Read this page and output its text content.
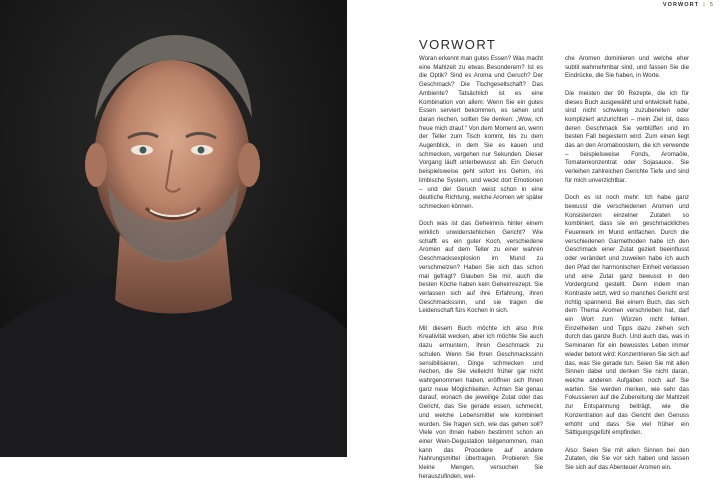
VORWORT | 5
VORWORT

Woran erkennt man gutes Essen? Was macht eine Mahlzeit zu etwas Besonderem? Ist es die Optik? Sind es Aroma und Geruch? Der Geschmack? Die Tischgesellschaft? Das Ambiente? Tatsächlich ist es eine Kombination von allem: Wenn Sie ein gutes Essen serviert bekommen, es sehen und daran riechen, sollten Sie denken: „Wow, ich freue mich drauf.“ Von dem Moment an, wenn der Teller zum Tisch kommt, bis zu dem Augenblick, in dem Sie es kauen und schmecken, vergehen nur Sekunden. Dieser Vorgang läuft unterbewusst ab. Ein Geruch beispielsweise geht sofort ins Gehirn, ins limbische System, und weckt dort Emotionen – und der Geruch weist schon in eine deutliche Richtung, welche Aromen wir später schmecken können.

Doch was ist das Geheimnis hinter einem wirklich unwiderstehlichen Gericht? Wie schafft es ein guter Koch, verschiedene Aromen auf dem Teller zu einer wahren Geschmacksexplosion im Mund zu verschmelzen? Haben Sie sich das schon mal gefragt? Glauben Sie mir, auch die besten Köche haben kein Geheimrezept. Sie verlassen sich auf ihre Erfahrung, ihren Geschmackssinn, und sie tragen die Leidenschaft fürs Kochen in sich.

Mit diesem Buch möchte ich also Ihre Kreativität wecken, aber ich möchte Sie auch dazu ermuntern, Ihren Geschmack zu schulen. Wenn Sie Ihren Geschmackssinn sensibilisieren, Dinge schmecken und riechen, die Sie vielleicht früher gar nicht wahrgenommen haben, eröffnen sich Ihnen ganz neue Möglichkeiten. Achten Sie genau darauf, wonach die jeweilige Zutat oder das Gericht, das Sie gerade essen, schmeckt, und welche Lebensmittel wie kombiniert wurden. Sie fragen sich, wie das gehen soll? Viele von Ihnen haben bestimmt schon an einer Wein-Degustation teilgenommen, man kann das Procedere auf andere Nahrungsmittel übertragen. Probieren Sie kleine Mengen, versuchen Sie herauszufinden, wel-

che Aromen dominieren und welche eher subtil wahrnehmbar sind, und fassen Sie die Eindrücke, die Sie haben, in Worte.

Die meisten der 90 Rezepte, die ich für dieses Buch ausgewählt und entwickelt habe, sind nicht schwierig zuzubereiten oder kompliziert anzurichten – mein Ziel ist, dass deren Geschmack Sie verblüffen und im besten Fall begeistern wird. Zum einen liegt das an den Aromaboostern, die ich verwende – beispielsweise Fonds, Aromaöle, Tomatenkonzentrat oder Sojasauce. Sie verleihen zahlreichen Gerichte Tiefe und sind für mich unverzichtbar.

Doch es ist noch mehr: Ich habe ganz bewusst die verschiedenen Aromen und Konsistenzen einzelner Zutaten so kombiniert, dass sie ein geschmackliches Feuerwerk im Mund entfachen. Durch die verschiedenen Garmethoden habe ich den Geschmack einer Zutat gezielt beeinflusst oder verändert und zuweilen habe ich auch den Pfad der harmonischen Einheit verlassen und eine Zutat ganz bewusst in den Vordergrund gestellt. Denn indem man Kontraste setzt, wird so manches Gericht erst richtig spannend. Bei einem Buch, das sich dem Thema Aromen verschrieben hat, darf ein Wort zum Würzen nicht fehlen. Einzelheiten und Tipps dazu ziehen sich durch das ganze Buch. Und auch das, was in Seminaren für ein bewusstes Leben immer wieder betont wird: Konzentrieren Sie sich auf das, was Sie gerade tun. Seien Sie mit allen Sinnen dabei und denken Sie nicht daran, welche anderen Aufgaben noch auf Sie warten. Sie werden merken, wie sehr das Fokussieren auf die Zubereitung der Mahlzeit zur Entspannung beiträgt, wie die Konzentration auf das Gericht den Genuss erhöht und dass Sie viel früher ein Sättigungsgefühl empfinden.

Also: Seien Sie mit allen Sinnen bei den Zutaten, die Sie vor sich haben und lassen Sie sich auf das Abenteuer Aromen ein.
